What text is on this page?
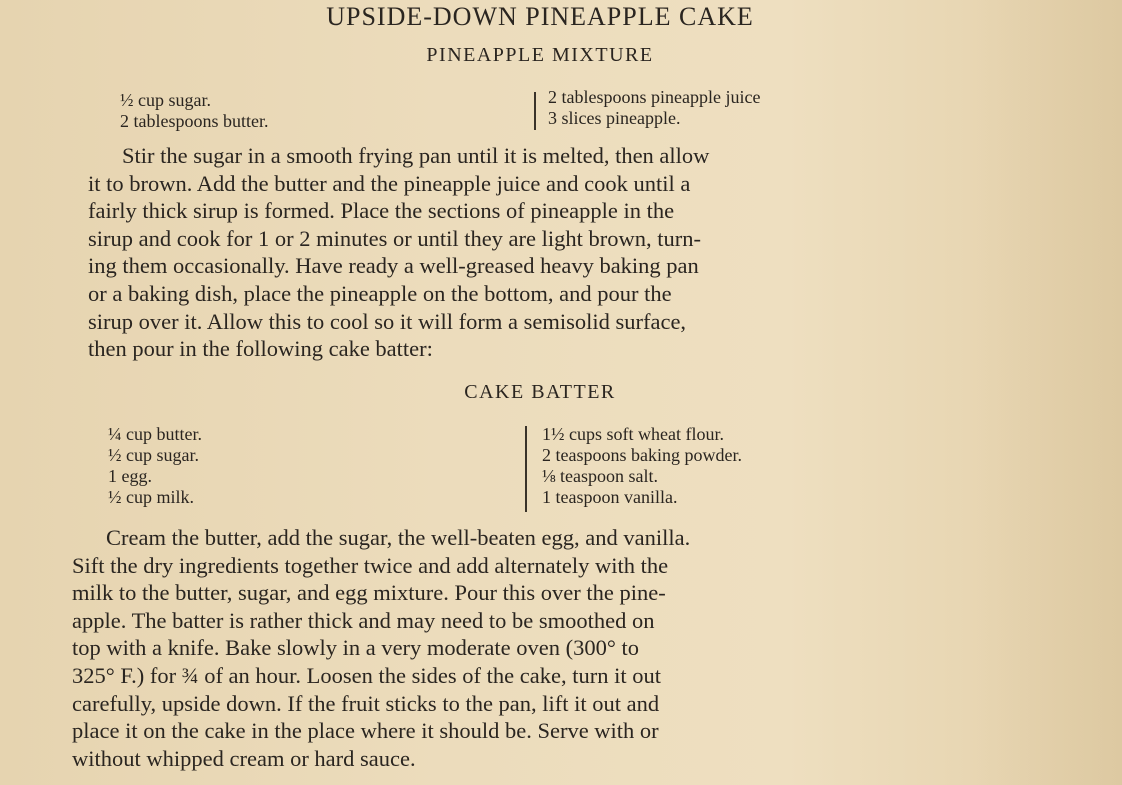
UPSIDE-DOWN PINEAPPLE CAKE
PINEAPPLE MIXTURE
½ cup sugar.
2 tablespoons butter.
2 tablespoons pineapple juice
3 slices pineapple.
Stir the sugar in a smooth frying pan until it is melted, then allow
it to brown. Add the butter and the pineapple juice and cook until a
fairly thick sirup is formed. Place the sections of pineapple in the
sirup and cook for 1 or 2 minutes or until they are light brown, turn-
ing them occasionally. Have ready a well-greased heavy baking pan
or a baking dish, place the pineapple on the bottom, and pour the
sirup over it. Allow this to cool so it will form a semisolid surface,
then pour in the following cake batter:
CAKE BATTER
¼ cup butter.
½ cup sugar.
1 egg.
½ cup milk.
1½ cups soft wheat flour.
2 teaspoons baking powder.
⅛ teaspoon salt.
1 teaspoon vanilla.
Cream the butter, add the sugar, the well-beaten egg, and vanilla.
Sift the dry ingredients together twice and add alternately with the
milk to the butter, sugar, and egg mixture. Pour this over the pine-
apple. The batter is rather thick and may need to be smoothed on
top with a knife. Bake slowly in a very moderate oven (300° to
325° F.) for ¾ of an hour. Loosen the sides of the cake, turn it out
carefully, upside down. If the fruit sticks to the pan, lift it out and
place it on the cake in the place where it should be. Serve with or
without whipped cream or hard sauce.
